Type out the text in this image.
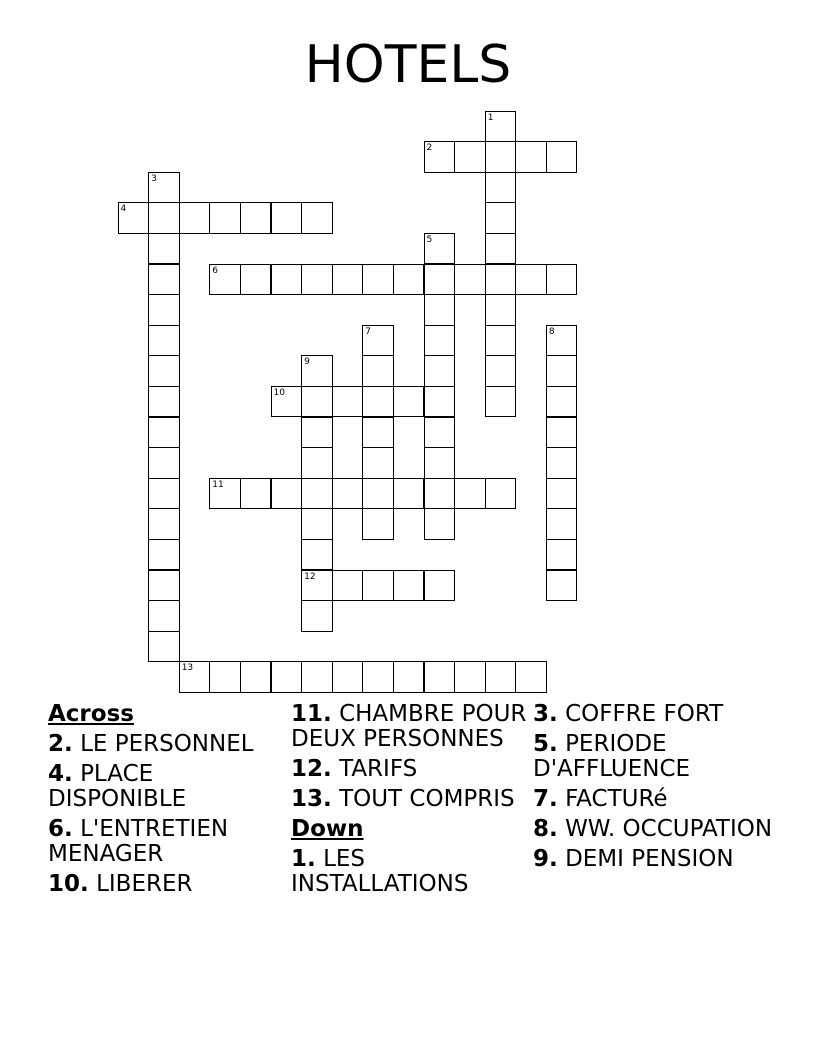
HOTELS
1
2
3
4
5
6
7	8
9
12
10
11
13
Across
2. LE PERSONNEL
4. PLACE DISPONIBLE
6. L'ENTRETIEN MENAGER
10. LIBERER
11. CHAMBRE POUR DEUX PERSONNES
12. TARIFS
13. TOUT COMPRIS
Down
1. LES INSTALLATIONS
3. COFFRE FORT
5. PERIODE D'AFFLUENCE
7. FACTURé
8. WW. OCCUPATION
9. DEMI PENSION
